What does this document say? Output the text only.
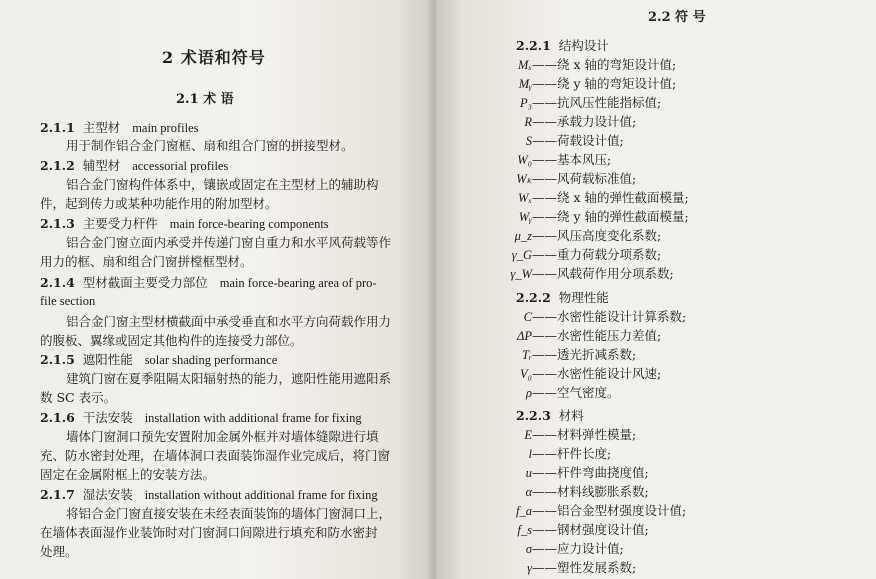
2 术语和符号
2.1 术 语
2.1.1 主型材 main profiles
用于制作铝合金门窗框、扇和组合门窗的拼接型材。
2.1.2 辅型材 accessorial profiles
铝合金门窗构件体系中，镶嵌或固定在主型材上的辅助构
件，起到传力或某种功能作用的附加型材。
2.1.3 主要受力杆件 main force-bearing components
铝合金门窗立面内承受并传递门窗自重力和水平风荷载等作
用力的框、扇和组合门窗拼樘框型材。
2.1.4 型材截面主要受力部位 main force-bearing area of pro-
file section
铝合金门窗主型材横截面中承受垂直和水平方向荷载作用力
的腹板、翼缘或固定其他构件的连接受力部位。
2.1.5 遮阳性能 solar shading performance
建筑门窗在夏季阻隔太阳辐射热的能力，遮阳性能用遮阳系
数 SC 表示。
2.1.6 干法安装 installation with additional frame for fixing
墙体门窗洞口预先安置附加金属外框并对墙体缝隙进行填
充、防水密封处理，在墙体洞口表面装饰湿作业完成后，将门窗
固定在金属附框上的安装方法。
2.1.7 湿法安装 installation without additional frame for fixing
将铝合金门窗直接安装在未经表面装饰的墙体门窗洞口上，
在墙体表面湿作业装饰时对门窗洞口间隙进行填充和防水密封
处理。
2.2 符 号
2.2.1 结构设计
Mₓ ——绕 x 轴的弯矩设计值;
Mᵧ ——绕 y 轴的弯矩设计值;
P₃ ——抗风压性能指标值;
R ——承载力设计值;
S ——荷载设计值;
W₀ ——基本风压;
Wₖ ——风荷载标准值;
Wₓ ——绕 x 轴的弹性截面模量;
Wᵧ ——绕 y 轴的弹性截面模量;
μ_z ——风压高度变化系数;
γ_G ——重力荷载分项系数;
γ_W ——风载荷作用分项系数;
2.2.2 物理性能
C ——水密性能设计计算系数;
ΔP ——水密性能压力差值;
Tᵣ ——透光折减系数;
V₀ ——水密性能设计风速;
ρ ——空气密度。
2.2.3 材料
E ——材料弹性模量;
l ——杆件长度;
u ——杆件弯曲挠度值;
α ——材料线膨胀系数;
f_a ——铝合金型材强度设计值;
f_s ——钢材强度设计值;
σ ——应力设计值;
γ ——塑性发展系数;
